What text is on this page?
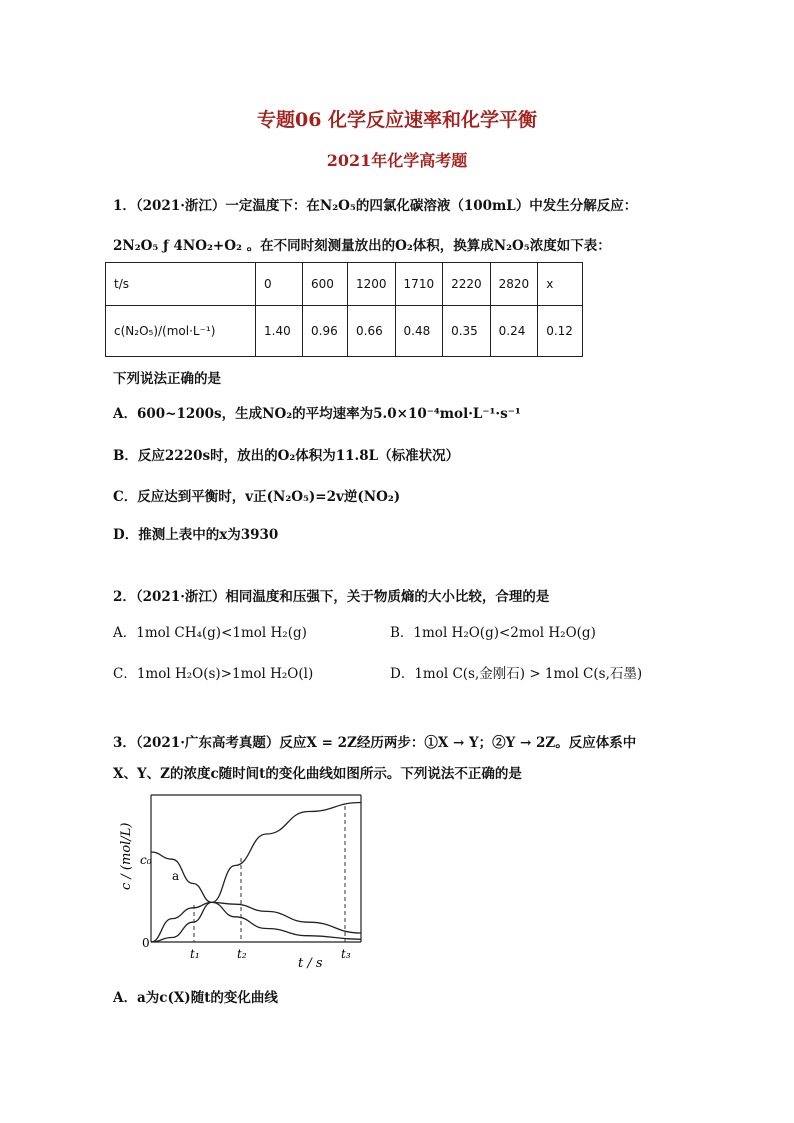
专题06 化学反应速率和化学平衡
2021年化学高考题
1．（2021·浙江）一定温度下：在N₂O₅的四氯化碳溶液（100mL）中发生分解反应：
2N₂O₅ ƒ 4NO₂+O₂ 。在不同时刻测量放出的O₂体积，换算成N₂O₅浓度如下表：
t/s	0	600	1200	1710	2220	2820	x
c(N₂O₅)/(mol·L⁻¹)	1.40	0.96	0.66	0.48	0.35	0.24	0.12
下列说法正确的是
A．600~1200s，生成NO₂的平均速率为5.0×10⁻⁴mol·L⁻¹·s⁻¹
B．反应2220s时，放出的O₂体积为11.8L（标准状况）
C．反应达到平衡时，v正(N₂O₅)=2v逆(NO₂)
D．推测上表中的x为3930
2．（2021·浙江）相同温度和压强下，关于物质熵的大小比较，合理的是
A．1mol CH₄(g)<1mol H₂(g)	B．1mol H₂O(g)<2mol H₂O(g)
C．1mol H₂O(s)>1mol H₂O(l)	D．1mol C(s,金刚石) > 1mol C(s,石墨)
3．（2021·广东高考真题）反应X = 2Z经历两步：①X → Y；②Y → 2Z。反应体系中
X、Y、Z的浓度c随时间t的变化曲线如图所示。下列说法不正确的是
c / (mol/L)
t / s
c₀
a
0
t₁	t₂	t₃
A．a为c(X)随t的变化曲线
